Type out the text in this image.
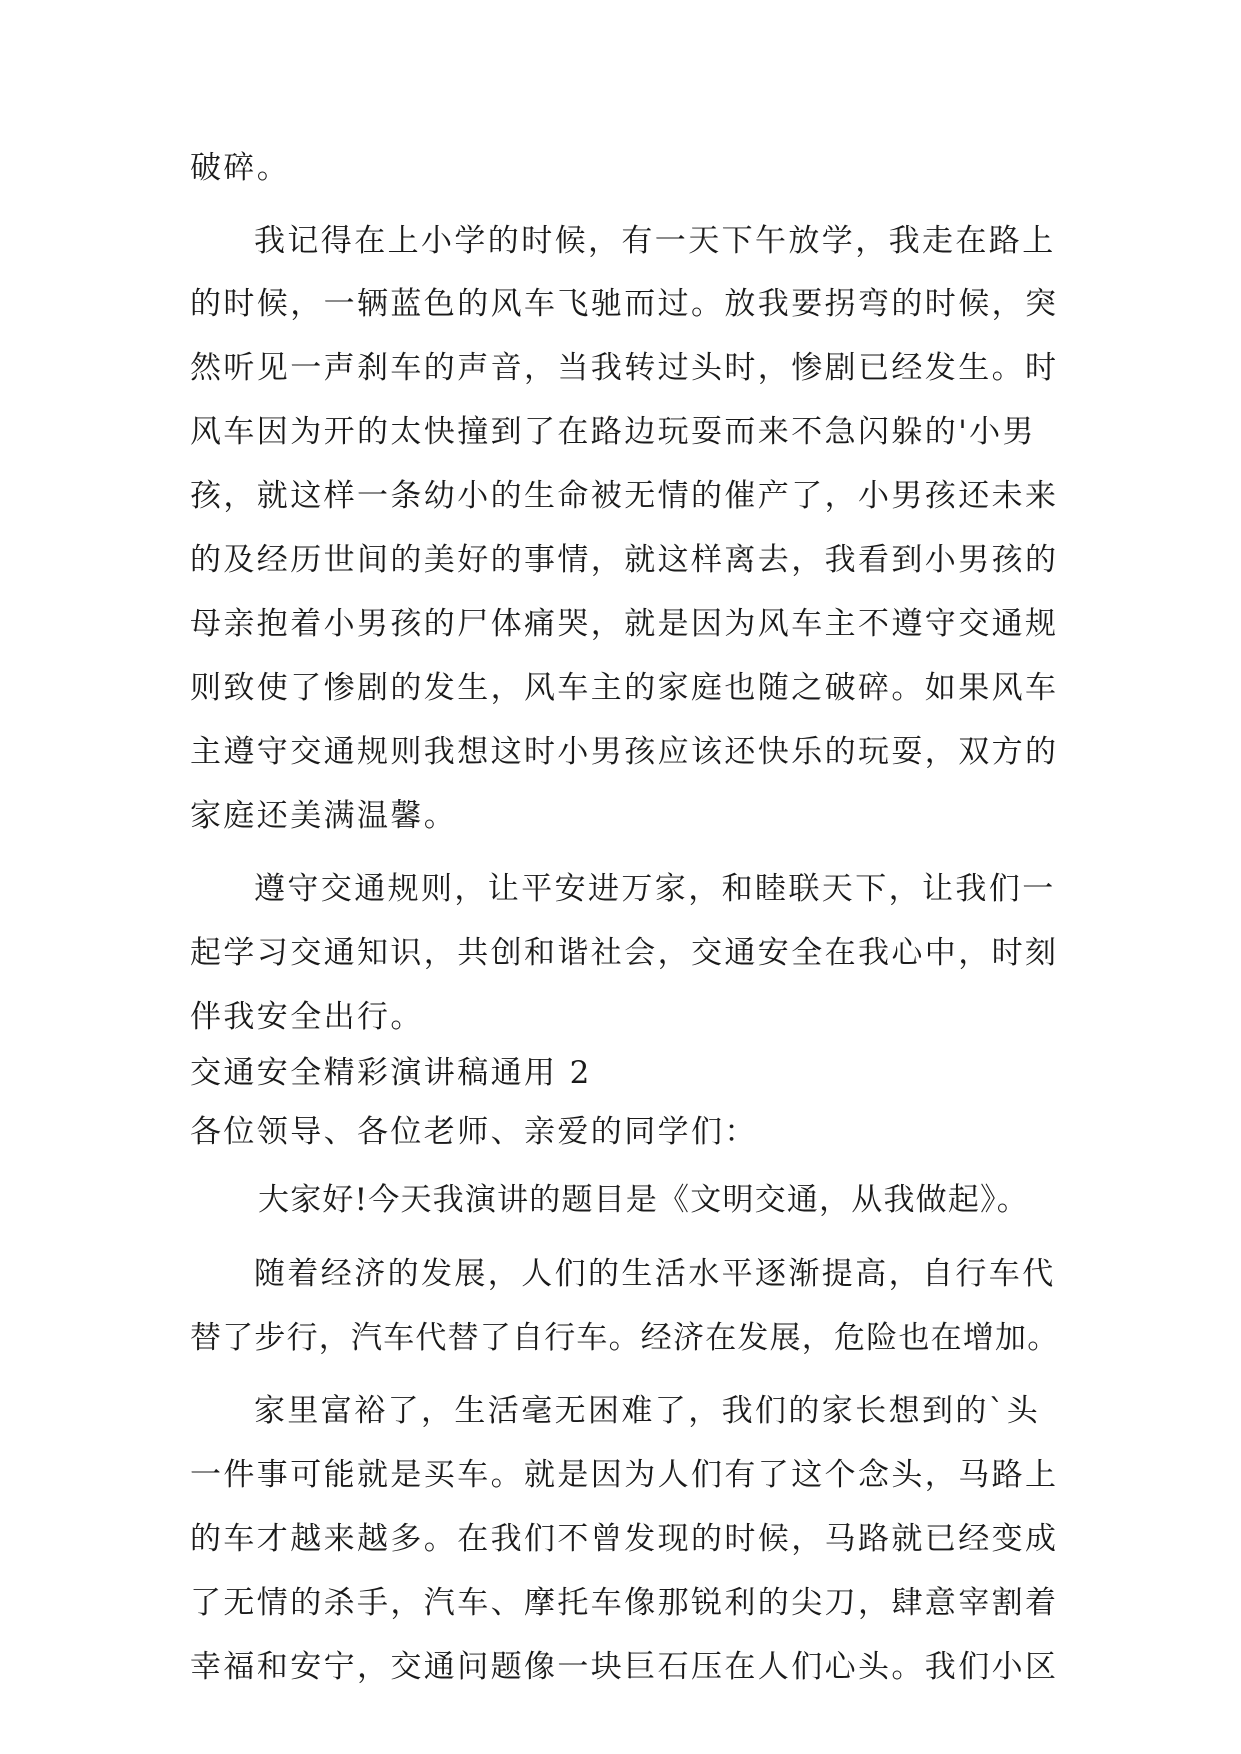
破碎。
我记得在上小学的时候，有一天下午放学，我走在路上
的时候，一辆蓝色的风车飞驰而过。放我要拐弯的时候，突
然听见一声刹车的声音，当我转过头时，惨剧已经发生。时
风车因为开的太快撞到了在路边玩耍而来不急闪躲的'小男
孩，就这样一条幼小的生命被无情的催产了，小男孩还未来
的及经历世间的美好的事情，就这样离去，我看到小男孩的
母亲抱着小男孩的尸体痛哭，就是因为风车主不遵守交通规
则致使了惨剧的发生，风车主的家庭也随之破碎。如果风车
主遵守交通规则我想这时小男孩应该还快乐的玩耍，双方的
家庭还美满温馨。
遵守交通规则，让平安进万家，和睦联天下，让我们一
起学习交通知识，共创和谐社会，交通安全在我心中，时刻
伴我安全出行。
交通安全精彩演讲稿通用 2
各位领导、各位老师、亲爱的同学们：
大家好!今天我演讲的题目是《文明交通，从我做起》。
随着经济的发展，人们的生活水平逐渐提高，自行车代
替了步行，汽车代替了自行车。经济在发展，危险也在增加。
家里富裕了，生活毫无困难了，我们的家长想到的`头
一件事可能就是买车。就是因为人们有了这个念头，马路上
的车才越来越多。在我们不曾发现的时候，马路就已经变成
了无情的杀手，汽车、摩托车像那锐利的尖刀，肆意宰割着
幸福和安宁，交通问题像一块巨石压在人们心头。我们小区
